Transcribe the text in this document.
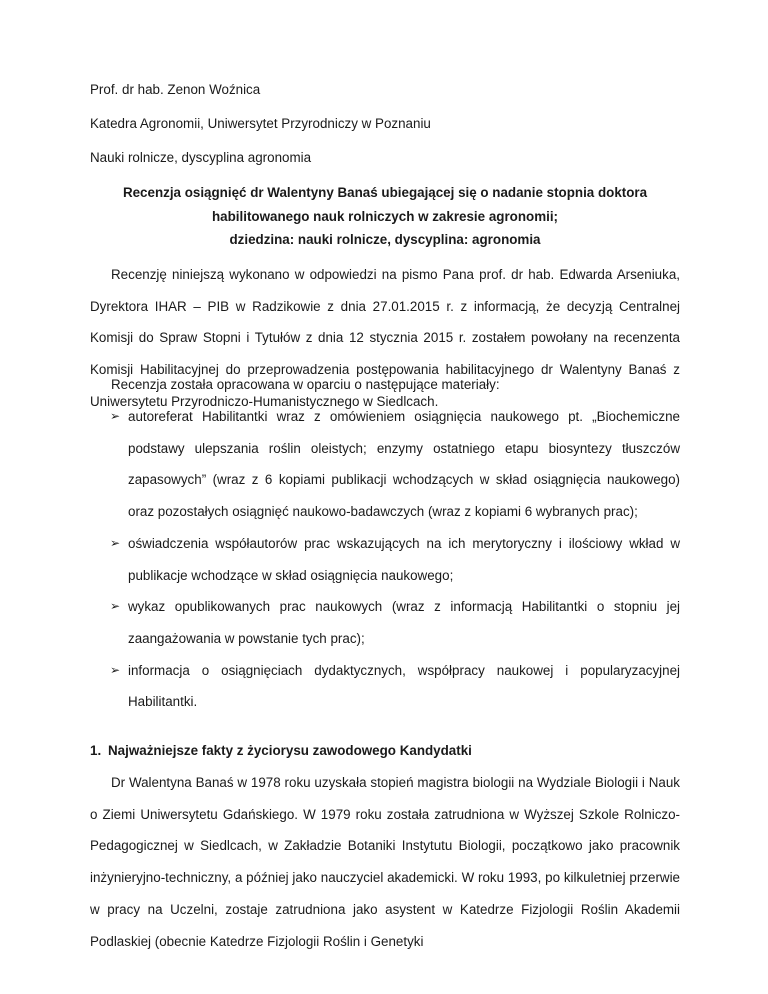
Prof. dr hab. Zenon Woźnica
Katedra Agronomii, Uniwersytet Przyrodniczy w Poznaniu
Nauki rolnicze, dyscyplina agronomia
Recenzja osiągnięć dr Walentyny Banaś ubiegającej się o nadanie stopnia doktora
habilitowanego nauk rolniczych w zakresie agronomii;
dziedzina: nauki rolnicze, dyscyplina: agronomia
Recenzję niniejszą wykonano w odpowiedzi na pismo Pana prof. dr hab. Edwarda Arseniuka, Dyrektora IHAR – PIB w Radzikowie z dnia 27.01.2015 r. z informacją, że decyzją Centralnej Komisji do Spraw Stopni i Tytułów z dnia 12 stycznia 2015 r. zostałem powołany na recenzenta Komisji Habilitacyjnej do przeprowadzenia postępowania habilitacyjnego dr Walentyny Banaś z Uniwersytetu Przyrodniczo-Humanistycznego w Siedlcach.
Recenzja została opracowana w oparciu o następujące materiały:
➢ autoreferat Habilitantki wraz z omówieniem osiągnięcia naukowego pt. „Biochemiczne podstawy ulepszania roślin oleistych; enzymy ostatniego etapu biosyntezy tłuszczów zapasowych” (wraz z 6 kopiami publikacji wchodzących w skład osiągnięcia naukowego) oraz pozostałych osiągnięć naukowo-badawczych (wraz z kopiami 6 wybranych prac);
➢ oświadczenia współautorów prac wskazujących na ich merytoryczny i ilościowy wkład w publikacje wchodzące w skład osiągnięcia naukowego;
➢ wykaz opublikowanych prac naukowych (wraz z informacją Habilitantki o stopniu jej zaangażowania w powstanie tych prac);
➢ informacja o osiągnięciach dydaktycznych, współpracy naukowej i popularyzacyjnej Habilitantki.
1. Najważniejsze fakty z życiorysu zawodowego Kandydatki
Dr Walentyna Banaś w 1978 roku uzyskała stopień magistra biologii na Wydziale Biologii i Nauk o Ziemi Uniwersytetu Gdańskiego. W 1979 roku została zatrudniona w Wyższej Szkole Rolniczo-Pedagogicznej w Siedlcach, w Zakładzie Botaniki Instytutu Biologii, początkowo jako pracownik inżynieryjno-techniczny, a później jako nauczyciel akademicki. W roku 1993, po kilkuletniej przerwie w pracy na Uczelni, zostaje zatrudniona jako asystent w Katedrze Fizjologii Roślin Akademii Podlaskiej (obecnie Katedrze Fizjologii Roślin i Genetyki
